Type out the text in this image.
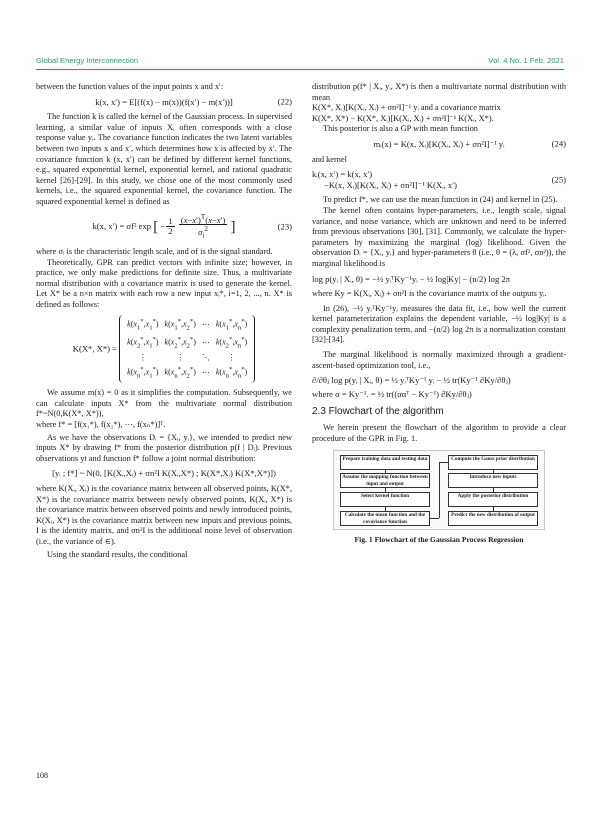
Global Energy Interconnection	Vol. 4 No. 1 Feb. 2021

between the function values of the input points x and x′:

k(x, x′) = E[(f(x) − m(x))(f(x′) − m(x′))]	(22)

The function k is called the kernel of the Gaussian process. In supervised learning, a similar value of inputs Xᵢ often corresponds with a close response value yᵢ. The covariance function indicates the two latent variables between two inputs x and x′, which determines how x is affected by x′. The covariance function k (x, x′) can be defined by different kernel functions, e.g., squared exponential kernel, exponential kernel, and rational quadratic kernel [26]-[29]. In this study, we chose one of the most commonly used kernels, i.e., the squared exponential kernel, the covariance function. The squared exponential kernel is defined as

k(x, x′) = σf² exp [ − $\frac{1}{2}$
$\frac{(x-x')^T(x-x')}{\sigma_i^2}$ ]	(23)

where σᵢ is the characteristic length scale, and σf is the signal standard.

Theoretically, GPR can predict vectors with infinite size; however, in practice, we only make predictions for definite size. Thus, a multivariate normal distribution with a covariance matrix is used to generate the kernel. Let X* be a n×n matrix with each row a new input xᵢ*, i=1, 2, ..., n. X* is defined as follows:

K(X*, X*) =
$k(x_1^*,x_1^*)$	$k(x_1^*,x_2^*)$	⋯	$k(x_1^*,x_n^*)$
$k(x_2^*,x_1^*)$	$k(x_2^*,x_2^*)$	⋯	$k(x_2^*,x_n^*)$
⋮	⋮	⋱	⋮
$k(x_n^*,x_1^*)$	$k(x_n^*,x_2^*)$	⋯	$k(x_n^*,x_n^*)$

We assume m(x) = 0 as it simplifies the computation. Subsequently, we can calculate inputs X* from the multivariate normal distribution f*~N(0,K(X*, X*)),

where f* = [f(x₁*), f(x₂*), ⋯, f(xₙ*)]ᵀ.

As we have the observations Dᵢ = {Xᵢ, yᵢ}, we intended to predict new inputs X* by drawing f* from the posterior distribution p(f | Dᵢ). Previous observations yt and function f* follow a joint normal distribution:

[yᵢ ; f*] ~ N(0, [K(Xᵢ,Xᵢ) + σn²I K(Xᵢ,X*) ; K(X*,Xᵢ) K(X*,X*)])

where K(Xᵢ, Xᵢ) is the covariance matrix between all observed points, K(X*, X*) is the covariance matrix between newly observed points, K(Xᵢ, X*) is the covariance matrix between observed points and newly introduced points, K(Xᵢ, X*) is the covariance matrix between new inputs and previous points, I is the identity matrix, and σn²I is the additional noise level of observation (i.e., the variance of ∈).

Using the standard results, the conditional

distribution p(f* | Xᵢ, yᵢ, X*) is then a multivariate normal distribution with mean

K(X*, Xᵢ)[K(Xᵢ, Xᵢ) + σn²I]⁻¹ yᵢ and a covariance matrix

K(X*, X*) − K(X*, Xᵢ)[K(Xᵢ, Xᵢ) + σn²I]⁻¹ K(Xᵢ, X*).

This posterior is also a GP with mean function

mᵢ(x) = K(x, Xᵢ)[K(Xᵢ, Xᵢ) + σn²I]⁻¹ yᵢ	(24)

and kernel

kᵢ(x, x′) = k(x, x′)
−K(x, Xᵢ)[K(Xᵢ, Xᵢ) + σn²I]⁻¹ K(Xᵢ, x′)
(25)

To predict f*, we can use the mean function in (24) and kernel in (25).

The kernel often contains hyper-parameters, i.e., length scale, signal variance, and noise variance, which are unknown and need to be inferred from previous observations [30], [31]. Commonly, we calculate the hyper-parameters by maximizing the marginal (log) likelihood. Given the observation Dᵢ = {Xᵢ, yᵢ} and hyper-parameters θ (i.e., θ = (λ, σf², σn²)), the marginal likelihood is

log p(yᵢ | Xᵢ, θ) = −½ yᵢᵀKy⁻¹yᵢ − ½ log|Ky| − (n/2) log 2π

where Ky = K(Xᵢ, Xᵢ) + σn²I is the covariance matrix of the outputs yᵢ.

In (26), −½ yᵢᵀKy⁻¹yᵢ measures the data fit, i.e., how well the current kernel parameterization explains the dependent variable, −½ log|Ky| is a complexity penalization term, and −(n/2) log 2π is a normalization constant [32]-[34].

The marginal likelihood is normally maximized through a gradient-ascent-based optimization tool, i.e.,

∂/∂θⱼ log p(yᵢ | Xᵢ, θ) = ½ yᵢᵀKy⁻¹ yᵢ − ½ tr(Ky⁻¹ ∂Ky/∂θⱼ)
where α = Ky⁻¹. = ½ tr((ααᵀ − Ky⁻¹) ∂Ky/∂θⱼ)
2.3 Flowchart of the algorithm

We herein present the flowchart of the algorithm to provide a clear procedure of the GPR in Fig. 1.

Prepare training data and testing data
Assume the mapping function between input and output
Select kernel function
Calculate the mean function and the covariance function
Compute the Gauss prior distribution
Introduce new inputs
Apply the posterior distribution
Predict the new distribution of output
Fig. 1 Flowchart of the Gaussian Process Regression
108
